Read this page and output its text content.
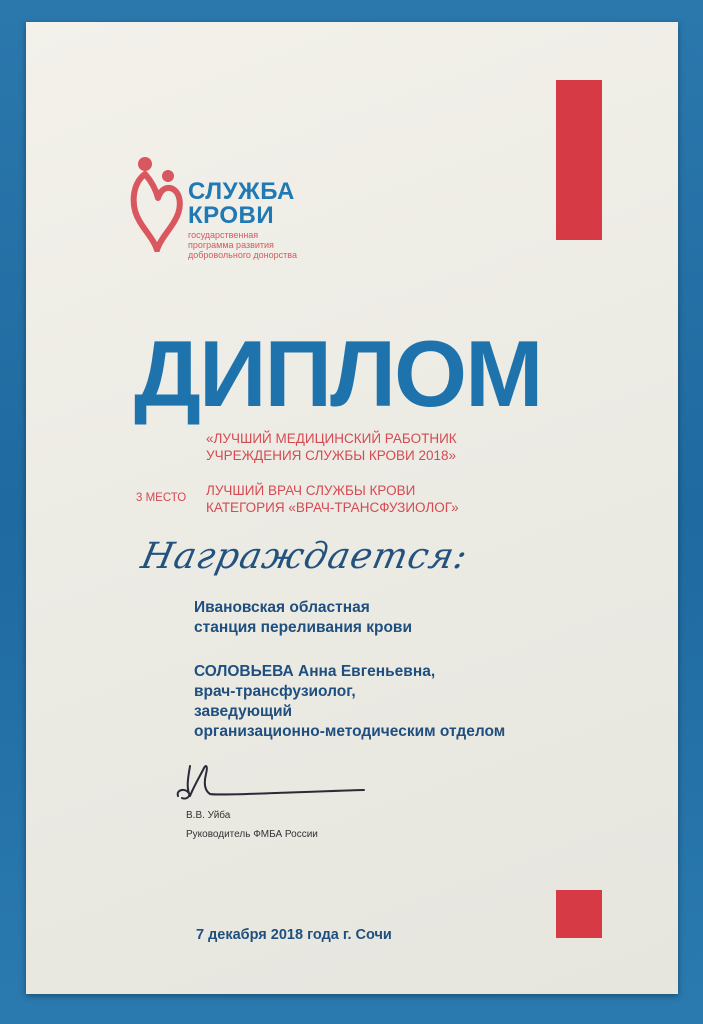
СЛУЖБА
КРОВИ
государственная
программа развития
добровольного донорства
ДИПЛОМ
«ЛУЧШИЙ МЕДИЦИНСКИЙ РАБОТНИК
УЧРЕЖДЕНИЯ СЛУЖБЫ КРОВИ 2018»
3 МЕСТО ЛУЧШИЙ ВРАЧ СЛУЖБЫ КРОВИ
КАТЕГОРИЯ «ВРАЧ-ТРАНСФУЗИОЛОГ»
Награждается:
Ивановская областная
станция переливания крови
СОЛОВЬЕВА Анна Евгеньевна,
врач-трансфузиолог,
заведующий
организационно-методическим отделом
В.В. Уйба
Руководитель ФМБА России
7 декабря 2018 года г. Сочи
